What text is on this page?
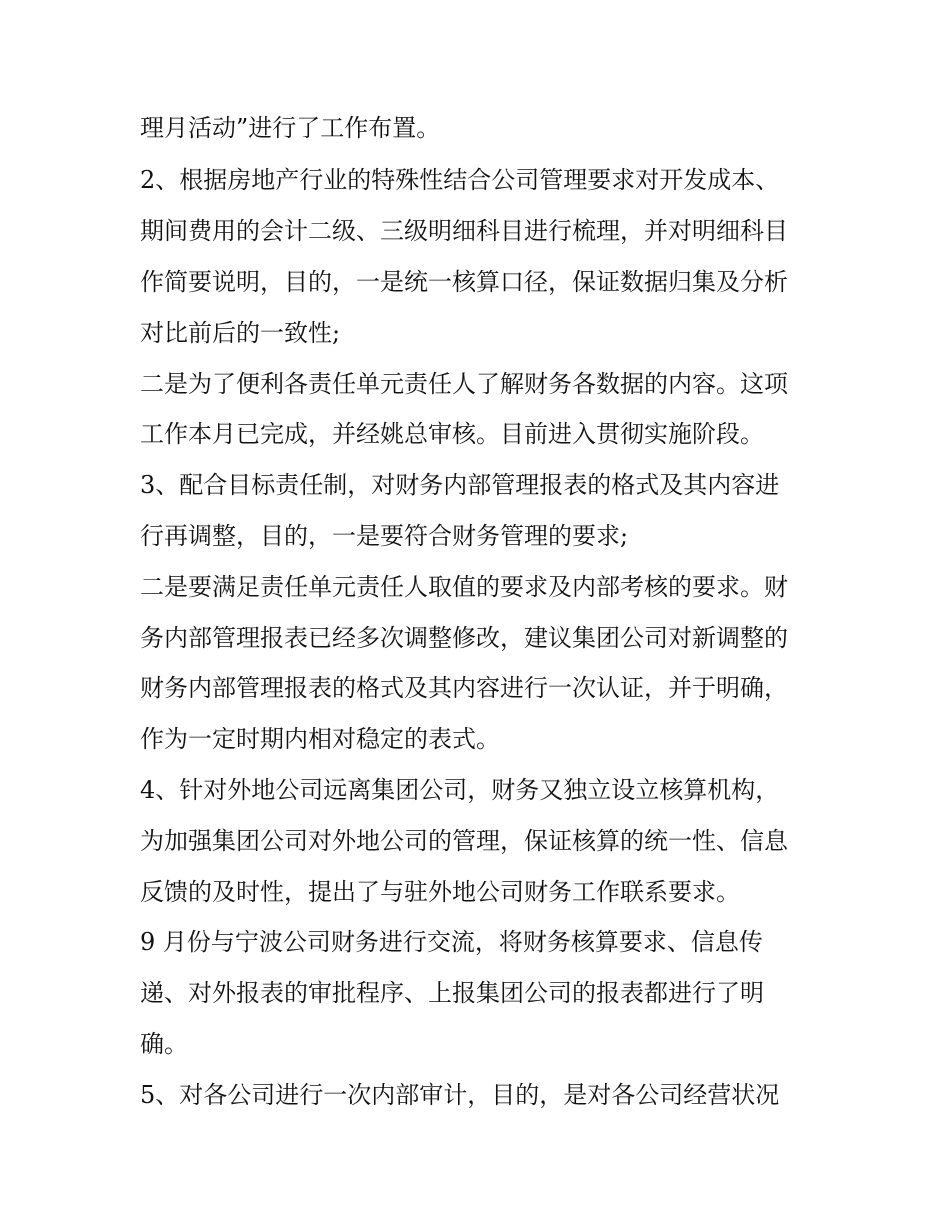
理月活动”进行了工作布置。

2、根据房地产行业的特殊性结合公司管理要求对开发成本、

期间费用的会计二级、三级明细科目进行梳理，并对明细科目

作简要说明，目的，一是统一核算口径，保证数据归集及分析

对比前后的一致性;

二是为了便利各责任单元责任人了解财务各数据的内容。这项

工作本月已完成，并经姚总审核。目前进入贯彻实施阶段。

3、配合目标责任制，对财务内部管理报表的格式及其内容进

行再调整，目的，一是要符合财务管理的要求;

二是要满足责任单元责任人取值的要求及内部考核的要求。财

务内部管理报表已经多次调整修改，建议集团公司对新调整的

财务内部管理报表的格式及其内容进行一次认证，并于明确，

作为一定时期内相对稳定的表式。

4、针对外地公司远离集团公司，财务又独立设立核算机构，

为加强集团公司对外地公司的管理，保证核算的统一性、信息

反馈的及时性，提出了与驻外地公司财务工作联系要求。

9 月份与宁波公司财务进行交流，将财务核算要求、信息传

递、对外报表的审批程序、上报集团公司的报表都进行了明

确。

5、对各公司进行一次内部审计，目的，是对各公司经营状况
